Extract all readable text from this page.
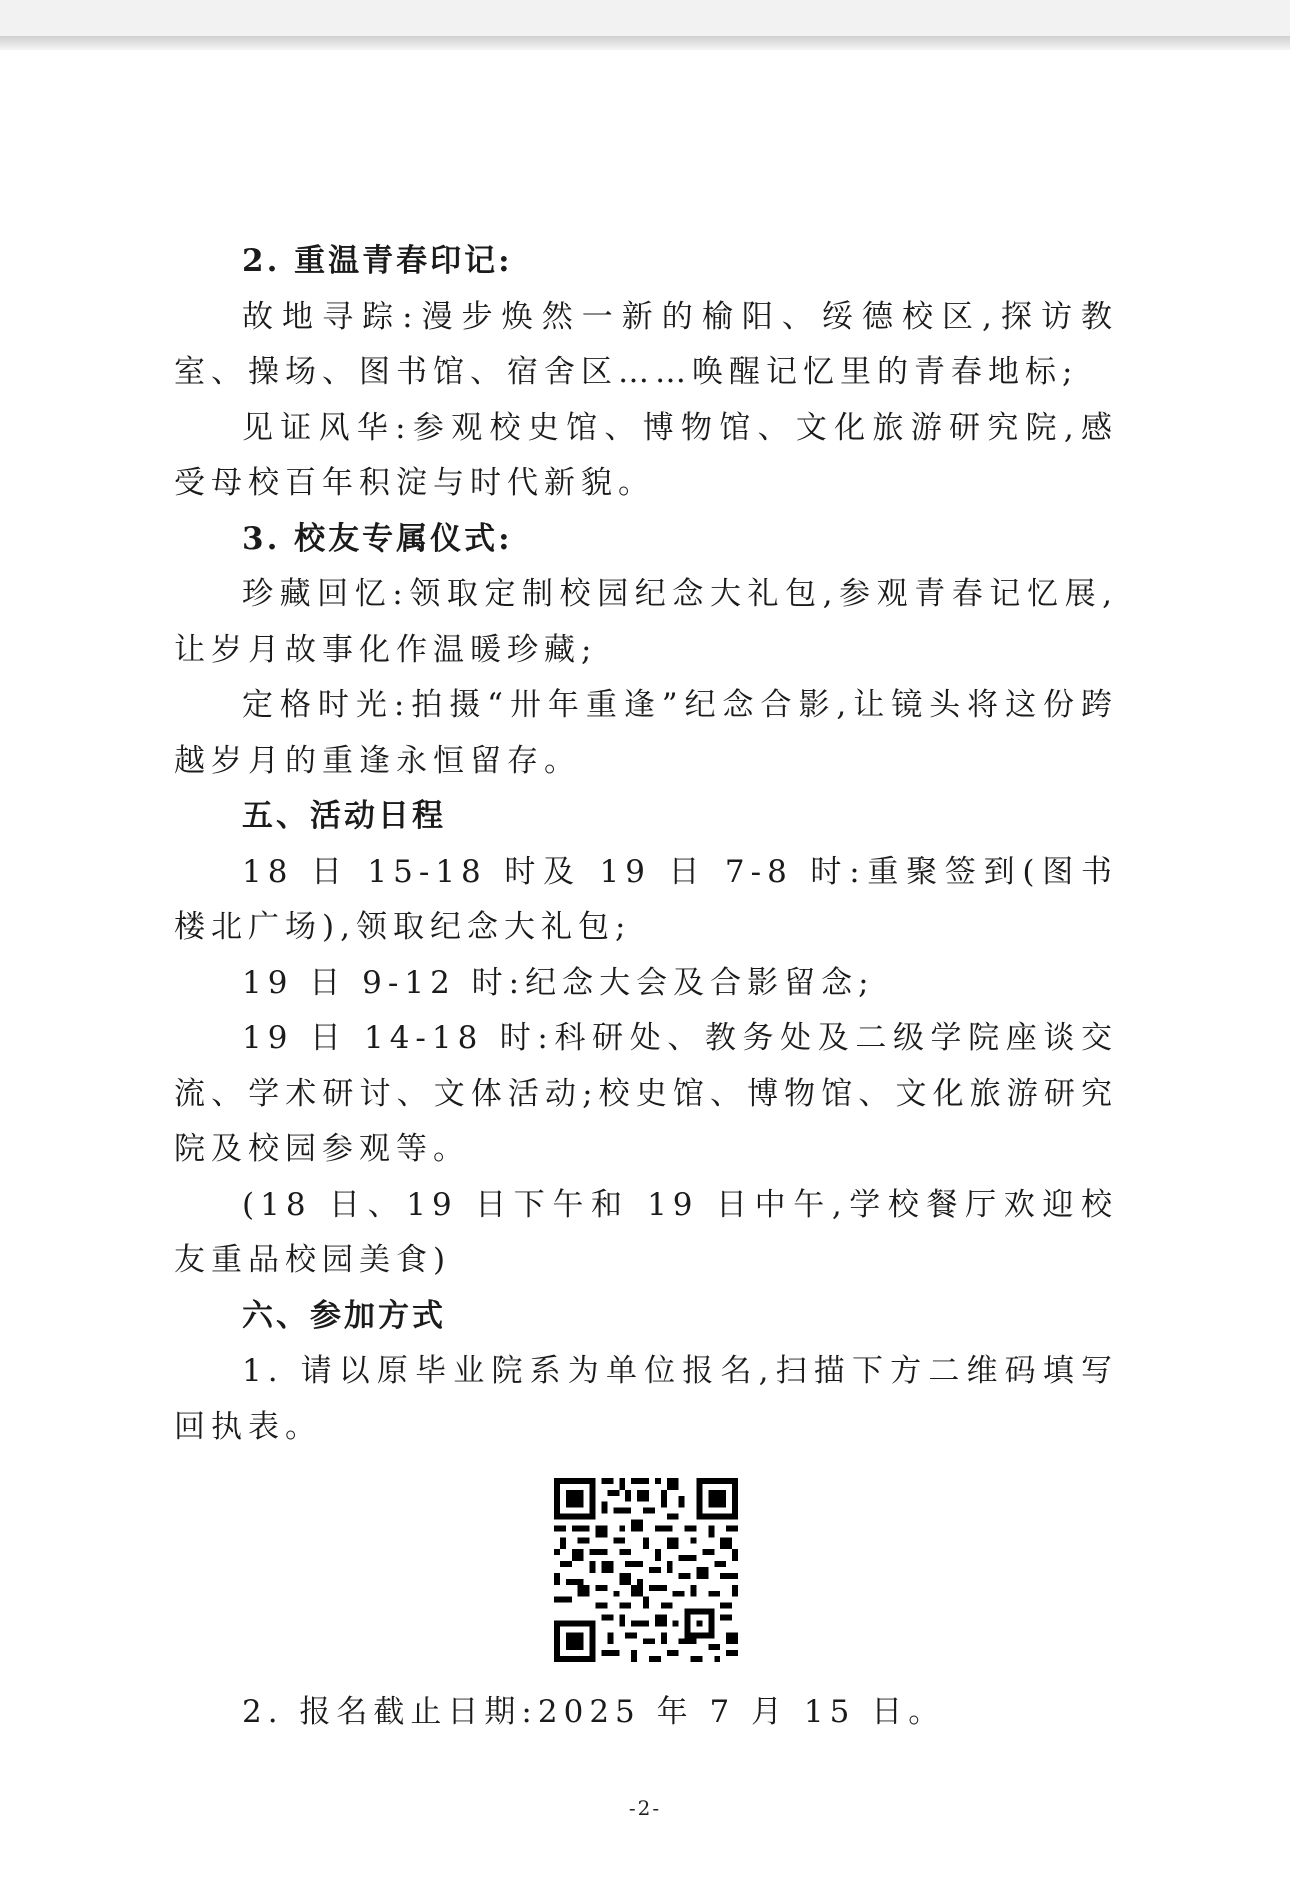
2. 重温青春印记:

故地寻踪:漫步焕然一新的榆阳、绥德校区,探访教室、操场、图书馆、宿舍区……唤醒记忆里的青春地标;

见证风华:参观校史馆、博物馆、文化旅游研究院,感受母校百年积淀与时代新貌。

3. 校友专属仪式:

珍藏回忆:领取定制校园纪念大礼包,参观青春记忆展,让岁月故事化作温暖珍藏;

定格时光:拍摄“卅年重逢”纪念合影,让镜头将这份跨越岁月的重逢永恒留存。

五、活动日程

18 日 15-18 时及 19 日 7-8 时:重聚签到(图书楼北广场),领取纪念大礼包;

19 日 9-12 时:纪念大会及合影留念;

19 日 14-18 时:科研处、教务处及二级学院座谈交流、学术研讨、文体活动;校史馆、博物馆、文化旅游研究院及校园参观等。

(18 日、19 日下午和 19 日中午,学校餐厅欢迎校友重品校园美食)

六、参加方式

1. 请以原毕业院系为单位报名,扫描下方二维码填写回执表。

2. 报名截止日期:2025 年 7 月 15 日。

-2-
